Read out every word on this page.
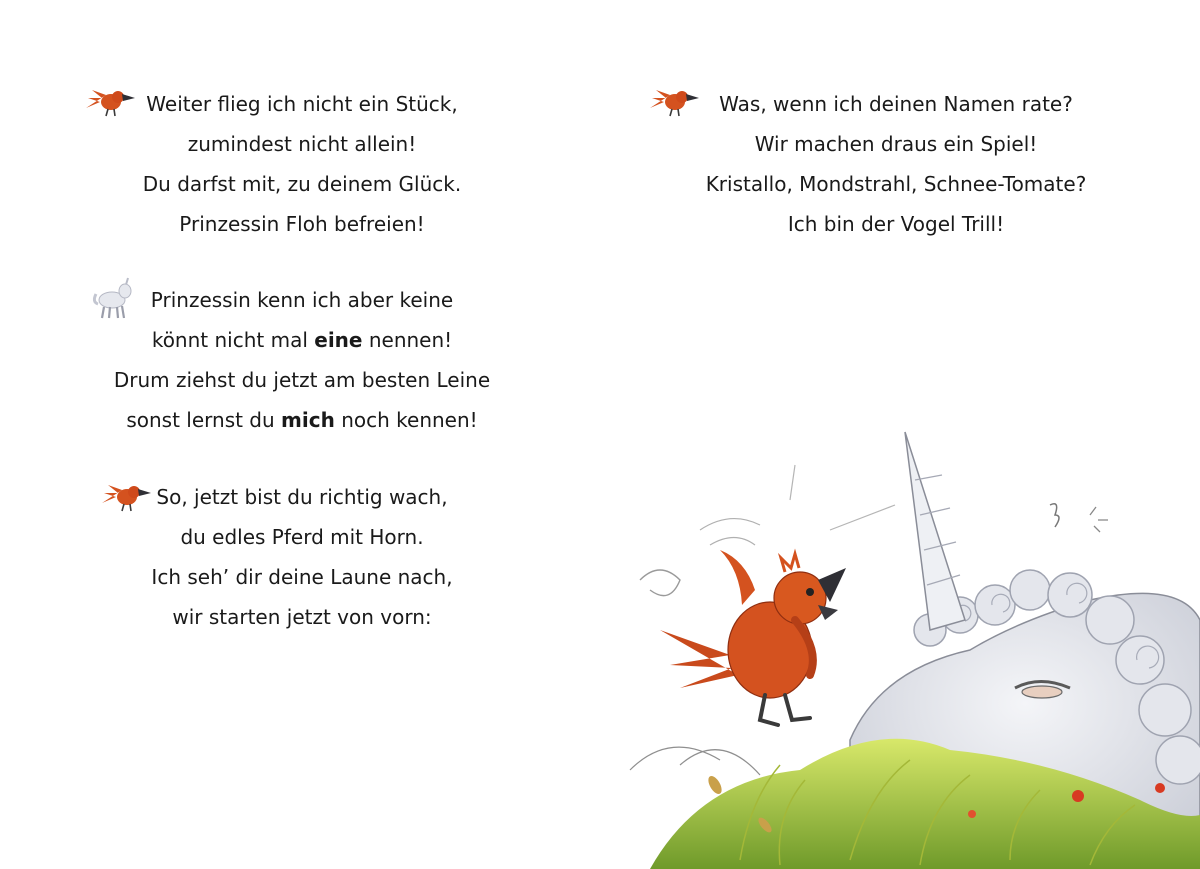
Weiter flieg ich nicht ein Stück,
zumindest nicht allein!
Du darfst mit, zu deinem Glück.
Prinzessin Floh befreien!
Prinzessin kenn ich aber keine
könnt nicht mal eine nennen!
Drum ziehst du jetzt am besten Leine
sonst lernst du mich noch kennen!
So, jetzt bist du richtig wach,
du edles Pferd mit Horn.
Ich seh’ dir deine Laune nach,
wir starten jetzt von vorn:
Was, wenn ich deinen Namen rate?
Wir machen draus ein Spiel!
Kristallo, Mondstrahl, Schnee-Tomate?
Ich bin der Vogel Trill!
